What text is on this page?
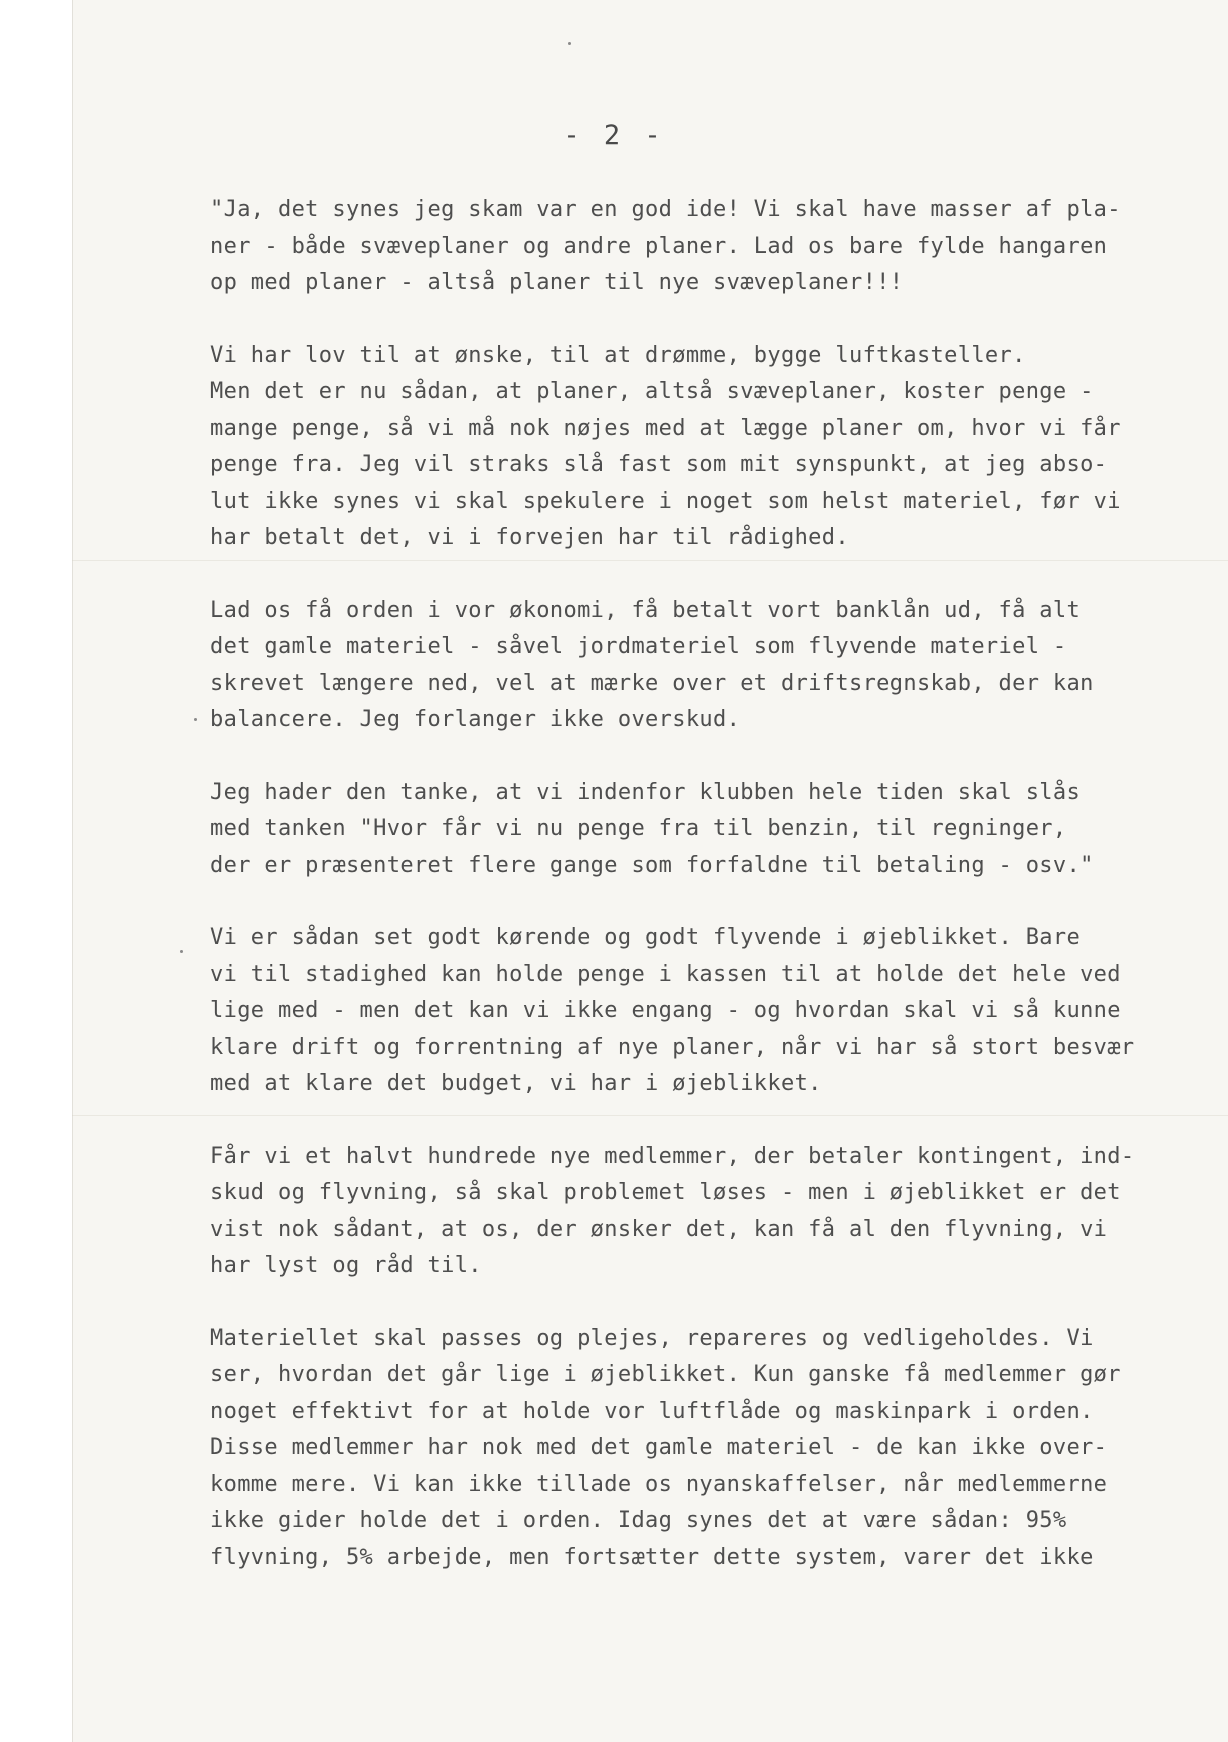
- 2 -
"Ja, det synes jeg skam var en god ide! Vi skal have masser af pla-
ner - både svæveplaner og andre planer. Lad os bare fylde hangaren
op med planer - altså planer til nye svæveplaner!!!
Vi har lov til at ønske, til at drømme, bygge luftkasteller.
Men det er nu sådan, at planer, altså svæveplaner, koster penge -
mange penge, så vi må nok nøjes med at lægge planer om, hvor vi får
penge fra. Jeg vil straks slå fast som mit synspunkt, at jeg abso-
lut ikke synes vi skal spekulere i noget som helst materiel, før vi
har betalt det, vi i forvejen har til rådighed.
Lad os få orden i vor økonomi, få betalt vort banklån ud, få alt
det gamle materiel - såvel jordmateriel som flyvende materiel -
skrevet længere ned, vel at mærke over et driftsregnskab, der kan
balancere. Jeg forlanger ikke overskud.
Jeg hader den tanke, at vi indenfor klubben hele tiden skal slås
med tanken "Hvor får vi nu penge fra til benzin, til regninger,
der er præsenteret flere gange som forfaldne til betaling - osv."
Vi er sådan set godt kørende og godt flyvende i øjeblikket. Bare
vi til stadighed kan holde penge i kassen til at holde det hele ved
lige med - men det kan vi ikke engang - og hvordan skal vi så kunne
klare drift og forrentning af nye planer, når vi har så stort besvær
med at klare det budget, vi har i øjeblikket.
Får vi et halvt hundrede nye medlemmer, der betaler kontingent, ind-
skud og flyvning, så skal problemet løses - men i øjeblikket er det
vist nok sådant, at os, der ønsker det, kan få al den flyvning, vi
har lyst og råd til.
Materiellet skal passes og plejes, repareres og vedligeholdes. Vi
ser, hvordan det går lige i øjeblikket. Kun ganske få medlemmer gør
noget effektivt for at holde vor luftflåde og maskinpark i orden.
Disse medlemmer har nok med det gamle materiel - de kan ikke over-
komme mere. Vi kan ikke tillade os nyanskaffelser, når medlemmerne
ikke gider holde det i orden. Idag synes det at være sådan: 95%
flyvning, 5% arbejde, men fortsætter dette system, varer det ikke
